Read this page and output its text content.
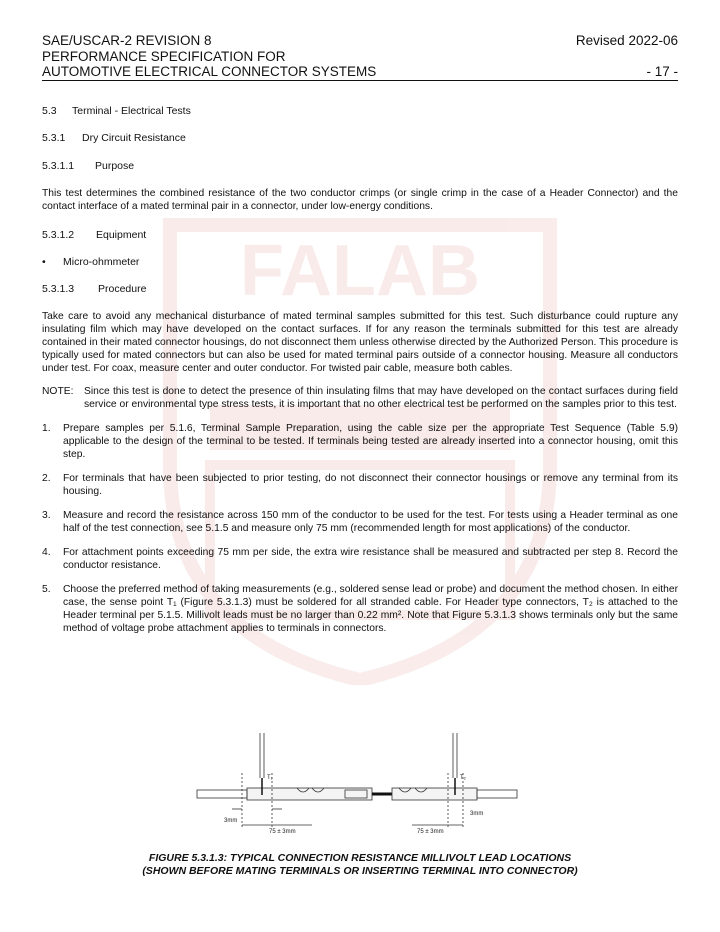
FALAB
SAE/USCAR-2 REVISION 8	Revised 2022-06
PERFORMANCE SPECIFICATION FOR
AUTOMOTIVE ELECTRICAL CONNECTOR SYSTEMS	- 17 -
5.3 Terminal - Electrical Tests
5.3.1 Dry Circuit Resistance
5.3.1.1 Purpose

This test determines the combined resistance of the two conductor crimps (or single crimp in the case of a Header Connector) and the contact interface of a mated terminal pair in a connector, under low-energy conditions.

5.3.1.2 Equipment
•	Micro-ohmmeter
5.3.1.3 Procedure

Take care to avoid any mechanical disturbance of mated terminal samples submitted for this test. Such disturbance could rupture any insulating film which may have developed on the contact surfaces. If for any reason the terminals submitted for this test are already contained in their mated connector housings, do not disconnect them unless otherwise directed by the Authorized Person. This procedure is typically used for mated connectors but can also be used for mated terminal pairs outside of a connector housing. Measure all conductors under test. For coax, measure center and outer conductor. For twisted pair cable, measure both cables.

NOTE:	Since this test is done to detect the presence of thin insulating films that may have developed on the contact surfaces during field service or environmental type stress tests, it is important that no other electrical test be performed on the samples prior to this test.
1.	Prepare samples per 5.1.6, Terminal Sample Preparation, using the cable size per the appropriate Test Sequence (Table 5.9) applicable to the design of the terminal to be tested. If terminals being tested are already inserted into a connector housing, omit this step.
2.	For terminals that have been subjected to prior testing, do not disconnect their connector housings or remove any terminal from its housing.
3.	Measure and record the resistance across 150 mm of the conductor to be used for the test. For tests using a Header terminal as one half of the test connection, see 5.1.5 and measure only 75 mm (recommended length for most applications) of the conductor.
4.	For attachment points exceeding 75 mm per side, the extra wire resistance shall be measured and subtracted per step 8. Record the conductor resistance.
5.	Choose the preferred method of taking measurements (e.g., soldered sense lead or probe) and document the method chosen. In either case, the sense point T₁ (Figure 5.3.1.3) must be soldered for all stranded cable. For Header type connectors, T₂ is attached to the Header terminal per 5.1.5. Millivolt leads must be no larger than 0.22 mm². Note that Figure 5.3.1.3 shows terminals only but the same method of voltage probe attachment applies to terminals in connectors.
T₁	T₂
3mm
75 ± 3mm
3mm
75 ± 3mm
FIGURE 5.3.1.3: TYPICAL CONNECTION RESISTANCE MILLIVOLT LEAD LOCATIONS
(SHOWN BEFORE MATING TERMINALS OR INSERTING TERMINAL INTO CONNECTOR)
